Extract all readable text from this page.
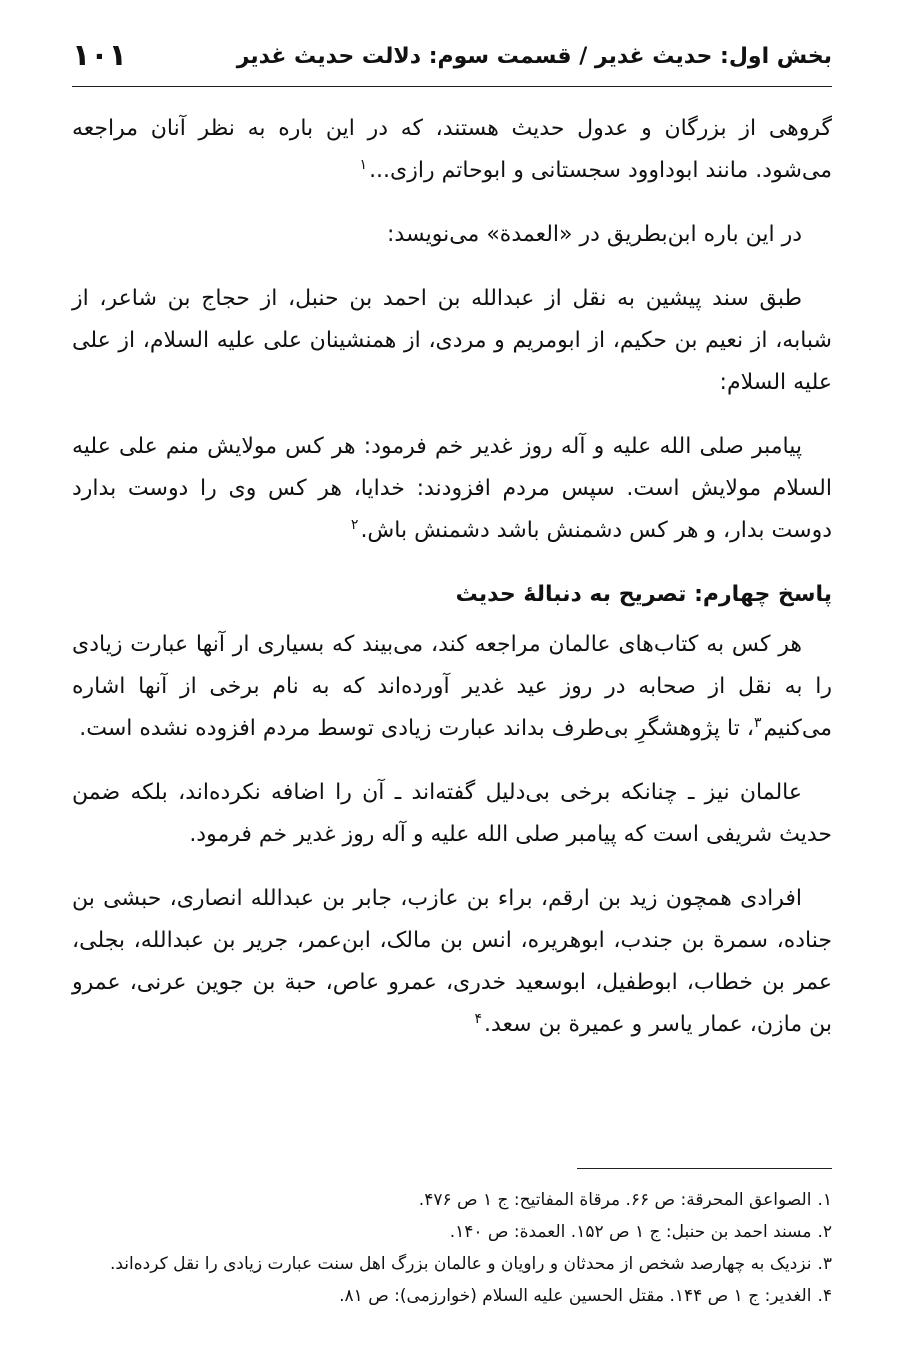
بخش اول: حدیث غدیر / قسمت سوم: دلالت حدیث غدیر
۱۰۱

گروهی از بزرگان و عدول حدیث هستند، که در این باره به نظر آنان مراجعه می‌شود. مانند ابوداوود سجستانی و ابوحاتم رازی...$^۱$

در این باره ابن‌بطریق در «العمدة» می‌نویسد:

طبق سند پیشین به نقل از عبدالله بن احمد بن حنبل، از حجاج بن شاعر، از شبابه، از نعیم بن حکیم، از ابومریم و مردی، از همنشینان علی علیه السلام، از علی علیه السلام:

پیامبر صلی الله علیه و آله روز غدیر خم فرمود: هر کس مولایش منم علی علیه السلام مولایش است. سپس مردم افزودند: خدایا، هر کس وی را دوست بدارد دوست بدار، و هر کس دشمنش باشد دشمنش باش.$^۲$

پاسخ چهارم: تصریح به دنبالۀ حدیث

هر کس به کتاب‌های عالمان مراجعه کند، می‌بیند که بسیاری ار آنها عبارت زیادی را به نقل از صحابه در روز عید غدیر آورده‌اند که به نام برخی از آنها اشاره می‌کنیم$^۳$، تا پژوهشگرِ بی‌طرف بداند عبارت زیادی توسط مردم افزوده نشده است.

عالمان نیز ـ چنانکه برخی بی‌دلیل گفته‌اند ـ آن را اضافه نکرده‌اند، بلکه ضمن حدیث شریفی است که پیامبر صلی الله علیه و آله روز غدیر خم فرمود.

افرادی همچون زید بن ارقم، براء بن عازب، جابر بن عبدالله انصاری، حبشی بن جناده، سمرة بن جندب، ابوهریره، انس بن مالک، ابن‌عمر، جریر بن عبدالله، بجلی، عمر بن خطاب، ابوطفیل، ابوسعید خدری، عمرو عاص، حبة بن جوین عرنی، عمرو بن مازن، عمار یاسر و عمیرة بن سعد.$^۴$

۱.الصواعق المحرقة: ص ۶۶. مرقاة المفاتیح: ج ۱ ص ۴۷۶.

۲.مسند احمد بن حنبل: ج ۱ ص ۱۵۲. العمدة: ص ۱۴۰.

۳.نزدیک به چهارصد شخص از محدثان و راویان و عالمان بزرگ اهل سنت عبارت زیادی را نقل کرده‌اند.

۴.الغدیر: ج ۱ ص ۱۴۴. مقتل الحسین علیه السلام (خوارزمی): ص ۸۱.
